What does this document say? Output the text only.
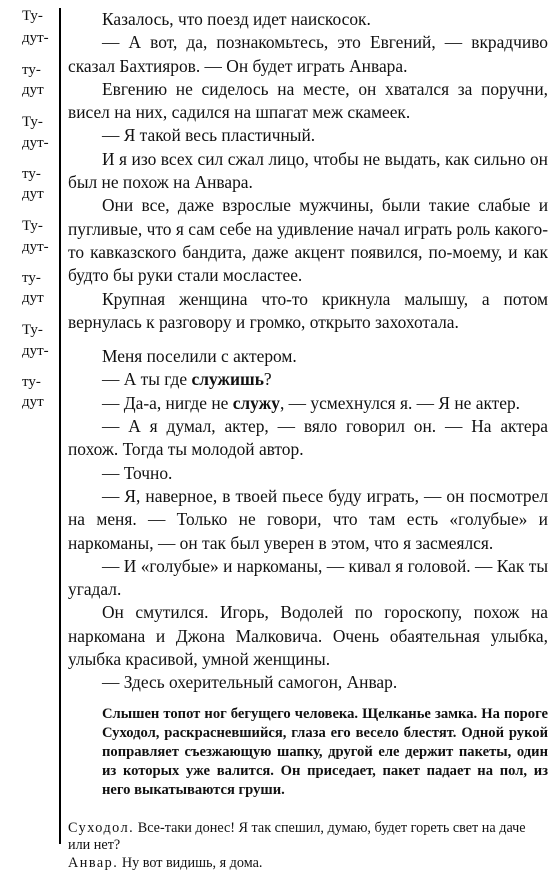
Ту-
дут-
ту-
дут
Ту-
дут-
ту-
дут
Ту-
дут-
ту-
дут
Ту-
дут-
ту-
дут

Казалось, что поезд идет наискосок.

— А вот, да, познакомьтесь, это Евгений, — вкрадчиво сказал Бахтияров. — Он будет играть Анвара.

Евгению не сиделось на месте, он хватался за поручни, висел на них, садился на шпагат меж скамеек.

— Я такой весь пластичный.

И я изо всех сил сжал лицо, чтобы не выдать, как сильно он был не похож на Анвара.

Они все, даже взрослые мужчины, были такие слабые и пугливые, что я сам себе на удивление начал играть роль какого-то кавказского бандита, даже акцент появился, по-моему, и как будто бы руки стали мосластее.

Крупная женщина что-то крикнула малышу, а потом вернулась к разговору и громко, открыто захохотала.

Меня поселили с актером.

— А ты где служишь?

— Да-а, нигде не служу, — усмехнулся я. — Я не актер.

— А я думал, актер, — вяло говорил он. — На актера похож. Тогда ты молодой автор.

— Точно.

— Я, наверное, в твоей пьесе буду играть, — он посмотрел на меня. — Только не говори, что там есть «голубые» и наркоманы, — он так был уверен в этом, что я засмеялся.

— И «голубые» и наркоманы, — кивал я головой. — Как ты угадал.

Он смутился. Игорь, Водолей по гороскопу, похож на наркомана и Джона Малковича. Очень обаятельная улыбка, улыбка красивой, умной женщины.

— Здесь охерительный самогон, Анвар.

Слышен топот ног бегущего человека. Щелканье замка. На пороге Суходол, раскрасневшийся, глаза его весело блестят. Одной рукой поправляет съезжающую шапку, другой еле держит пакеты, один из которых уже валится. Он приседает, пакет падает на пол, из него выкатываются груши.

Суходол. Все-таки донес! Я так спешил, думаю, будет гореть свет на даче или нет?

Анвар. Ну вот видишь, я дома.
